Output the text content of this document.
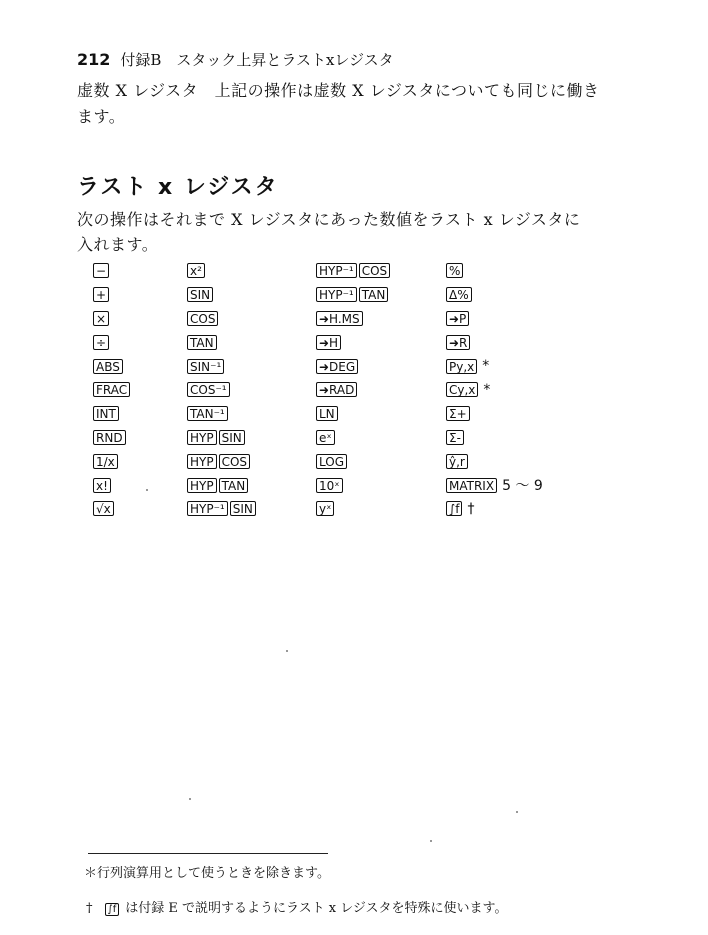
212 付録B　スタック上昇とラストxレジスタ
虚数 X レジスタ　上記の操作は虚数 X レジスタについても同じに働き
ます。
ラスト x レジスタ
次の操作はそれまで X レジスタにあった数値をラスト x レジスタに
入れます。
−
+
×
÷
ABS
FRAC
INT
RND
1/x
x!
√x
x²
SIN
COS
TAN
SIN⁻¹
COS⁻¹
TAN⁻¹
HYP SIN
HYP COS
HYP TAN
HYP⁻¹ SIN
HYP⁻¹ COS
HYP⁻¹ TAN
➜H.MS
➜H
➜DEG
➜RAD
LN
eˣ
LOG
10ˣ
yˣ
%
Δ%
➜P
➜R
Py,x *
Cy,x *
Σ+
Σ-
ŷ,r
MATRIX 5 ～ 9
∫f †
＊行列演算用として使うときを除きます。
† ∫f は付録 E で説明するようにラスト x レジスタを特殊に使います。
